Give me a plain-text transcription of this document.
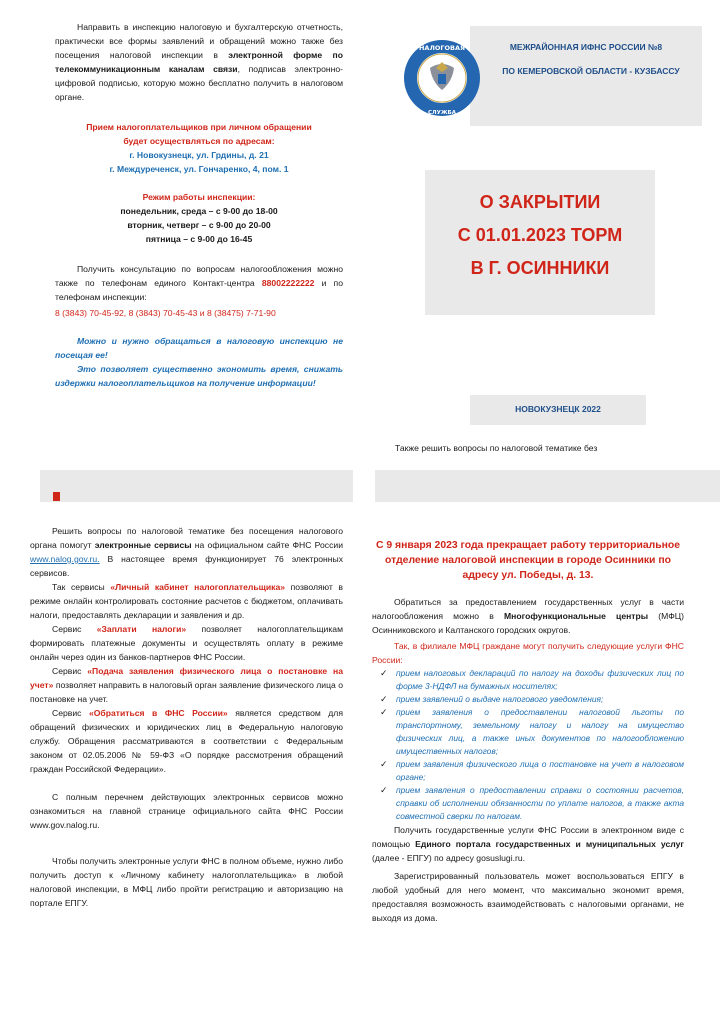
Направить в инспекцию налоговую и бухгалтерскую отчетность, практически все формы заявлений и обращений можно также без посещения налоговой инспекции в электронной форме по телекоммуникационным каналам связи, подписав электронно-цифровой подписью, которую можно бесплатно получить в налоговом органе.

Прием налогоплательщиков при личном обращении

будет осуществляться по адресам:

г. Новокузнецк, ул. Грдины, д. 21

г. Междуреченск, ул. Гончаренко, 4, пом. 1

Режим работы инспекции:

понедельник, среда – с 9-00 до 18-00

вторник, четверг – с 9-00 до 20-00

пятница – с 9-00 до 16-45

Получить консультацию по вопросам налогообложения можно также по телефонам единого Контакт-центра 88002222222 и по телефонам инспекции:

8 (3843) 70-45-92, 8 (3843) 70-45-43 и 8 (38475) 7-71-90

Можно и нужно обращаться в налоговую инспекцию не посещая ее!

Это позволяет существенно экономить время, снижать издержки налогоплательщиков на получение информации!

МЕЖРАЙОННАЯ ИФНС РОССИИ №8
ПО КЕМЕРОВСКОЙ ОБЛАСТИ - КУЗБАССУ
НАЛОГОВАЯ
СЛУЖБА
О ЗАКРЫТИИ
С 01.01.2023 ТОРМ
В Г. ОСИННИКИ
НОВОКУЗНЕЦК 2022
Также решить вопросы по налоговой тематике без

Решить вопросы по налоговой тематике без посещения налогового органа помогут электронные сервисы на официальном сайте ФНС России www.nalog.gov.ru. В настоящее время функционирует 76 электронных сервисов.

Так сервисы «Личный кабинет налогоплательщика» позволяют в режиме онлайн контролировать состояние расчетов с бюджетом, оплачивать налоги, предоставлять декларации и заявления и др.

Сервис «Заплати налоги» позволяет налогоплательщикам формировать платежные документы и осуществлять оплату в режиме онлайн через один из банков-партнеров ФНС России.

Сервис «Подача заявления физического лица о постановке на учет» позволяет направить в налоговый орган заявление физического лица о постановке на учет.

Сервис «Обратиться в ФНС России» является средством для обращений физических и юридических лиц в Федеральную налоговую службу. Обращения рассматриваются в соответствии с Федеральным законом от 02.05.2006 № 59-ФЗ «О порядке рассмотрения обращений граждан Российской Федерации».

С полным перечнем действующих электронных сервисов можно ознакомиться на главной странице официального сайта ФНС России www.gov.nalog.ru.

Чтобы получить электронные услуги ФНС в полном объеме, нужно либо получить доступ к «Личному кабинету налогоплательщика» в любой налоговой инспекции, в МФЦ либо пройти регистрацию и авторизацию на портале ЕПГУ.

С 9 января 2023 года прекращает работу территориальное отделение налоговой инспекции в городе Осинники по адресу ул. Победы, д. 13.

Обратиться за предоставлением государственных услуг в части налогообложения можно в Многофункциональные центры (МФЦ) Осинниковского и Калтанского городских округов.

Так, в филиале МФЦ граждане могут получить следующие услуги ФНС России:

✓ прием налоговых деклараций по налогу на доходы физических лиц по форме 3-НДФЛ на бумажных носителях;
✓ прием заявлений о выдаче налогового уведомления;
✓ прием заявления о предоставлении налоговой льготы по транспортному, земельному налогу и налогу на имущество физических лиц, а также иных документов по налогообложению имущественных налогов;
✓ прием заявления физического лица о постановке на учет в налоговом органе;
✓ прием заявления о предоставлении справки о состоянии расчетов, справки об исполнении обязанности по уплате налогов, а также акта совместной сверки по налогам.

Получить государственные услуги ФНС России в электронном виде с помощью Единого портала государственных и муниципальных услуг (далее - ЕПГУ) по адресу gosuslugi.ru.

Зарегистрированный пользователь может воспользоваться ЕПГУ в любой удобный для него момент, что максимально экономит время, предоставляя возможность взаимодействовать с налоговыми органами, не выходя из дома.
